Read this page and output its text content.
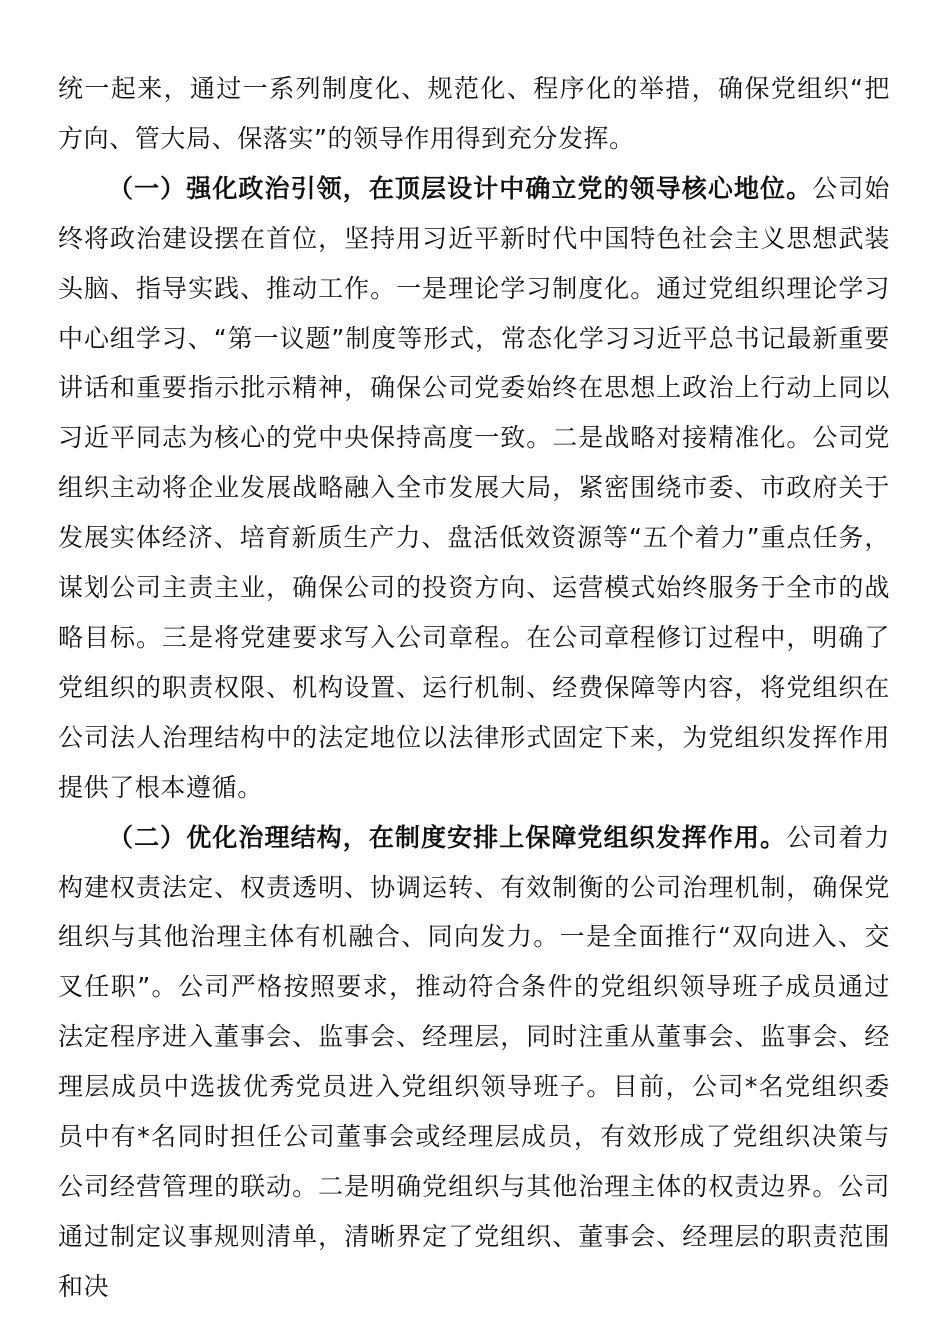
统一起来，通过一系列制度化、规范化、程序化的举措，确保党组织“把方向、管大局、保落实”的领导作用得到充分发挥。

（一）强化政治引领，在顶层设计中确立党的领导核心地位。公司始终将政治建设摆在首位，坚持用习近平新时代中国特色社会主义思想武装头脑、指导实践、推动工作。一是理论学习制度化。通过党组织理论学习中心组学习、“第一议题”制度等形式，常态化学习习近平总书记最新重要讲话和重要指示批示精神，确保公司党委始终在思想上政治上行动上同以习近平同志为核心的党中央保持高度一致。二是战略对接精准化。公司党组织主动将企业发展战略融入全市发展大局，紧密围绕市委、市政府关于发展实体经济、培育新质生产力、盘活低效资源等“五个着力”重点任务，谋划公司主责主业，确保公司的投资方向、运营模式始终服务于全市的战略目标。三是将党建要求写入公司章程。在公司章程修订过程中，明确了党组织的职责权限、机构设置、运行机制、经费保障等内容，将党组织在公司法人治理结构中的法定地位以法律形式固定下来，为党组织发挥作用提供了根本遵循。

（二）优化治理结构，在制度安排上保障党组织发挥作用。公司着力构建权责法定、权责透明、协调运转、有效制衡的公司治理机制，确保党组织与其他治理主体有机融合、同向发力。一是全面推行“双向进入、交叉任职”。公司严格按照要求，推动符合条件的党组织领导班子成员通过法定程序进入董事会、监事会、经理层，同时注重从董事会、监事会、经理层成员中选拔优秀党员进入党组织领导班子。目前，公司*名党组织委员中有*名同时担任公司董事会或经理层成员，有效形成了党组织决策与公司经营管理的联动。二是明确党组织与其他治理主体的权责边界。公司通过制定议事规则清单，清晰界定了党组织、董事会、经理层的职责范围和决
